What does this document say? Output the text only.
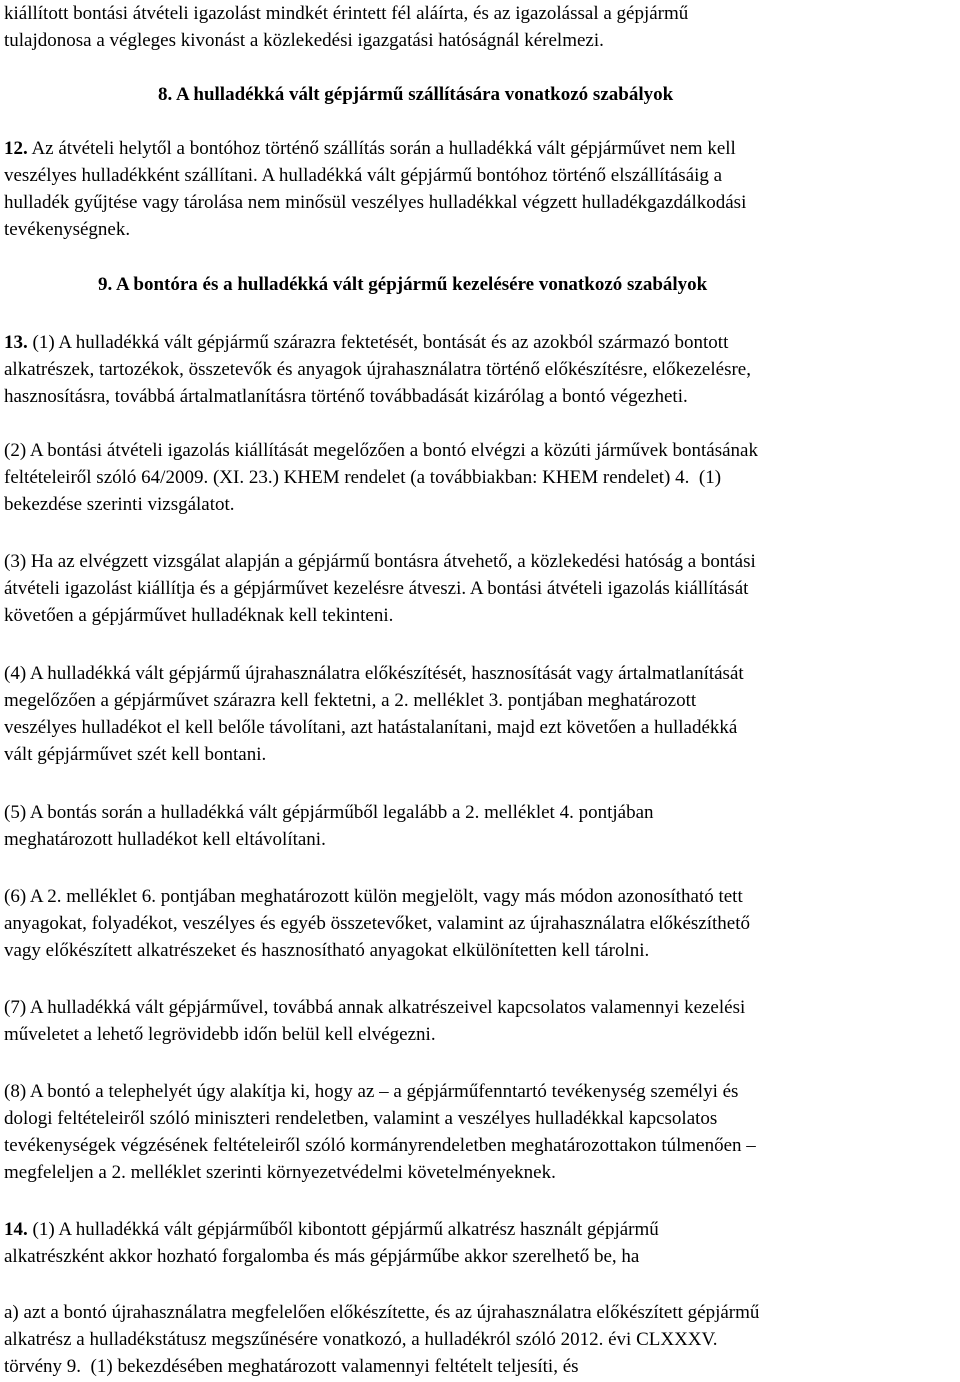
kiállított bontási átvételi igazolást mindkét érintett fél aláírta, és az igazolással a gépjármű
tulajdonosa a végleges kivonást a közlekedési igazgatási hatóságnál kérelmezi.
8. A hulladékká vált gépjármű szállítására vonatkozó szabályok
12. Az átvételi helytől a bontóhoz történő szállítás során a hulladékká vált gépjárművet nem kell
veszélyes hulladékként szállítani. A hulladékká vált gépjármű bontóhoz történő elszállításáig a
hulladék gyűjtése vagy tárolása nem minősül veszélyes hulladékkal végzett hulladékgazdálkodási
tevékenységnek.
9. A bontóra és a hulladékká vált gépjármű kezelésére vonatkozó szabályok
13. (1) A hulladékká vált gépjármű szárazra fektetését, bontását és az azokból származó bontott
alkatrészek, tartozékok, összetevők és anyagok újrahasználatra történő előkészítésre, előkezelésre,
hasznosításra, továbbá ártalmatlanításra történő továbbadását kizárólag a bontó végezheti.
(2) A bontási átvételi igazolás kiállítását megelőzően a bontó elvégzi a közúti járművek bontásának
feltételeiről szóló 64/2009. (XI. 23.) KHEM rendelet (a továbbiakban: KHEM rendelet) 4.  (1)
bekezdése szerinti vizsgálatot.
(3) Ha az elvégzett vizsgálat alapján a gépjármű bontásra átvehető, a közlekedési hatóság a bontási
átvételi igazolást kiállítja és a gépjárművet kezelésre átveszi. A bontási átvételi igazolás kiállítását
követően a gépjárművet hulladéknak kell tekinteni.
(4) A hulladékká vált gépjármű újrahasználatra előkészítését, hasznosítását vagy ártalmatlanítását
megelőzően a gépjárművet szárazra kell fektetni, a 2. melléklet 3. pontjában meghatározott
veszélyes hulladékot el kell belőle távolítani, azt hatástalanítani, majd ezt követően a hulladékká
vált gépjárművet szét kell bontani.
(5) A bontás során a hulladékká vált gépjárműből legalább a 2. melléklet 4. pontjában
meghatározott hulladékot kell eltávolítani.
(6) A 2. melléklet 6. pontjában meghatározott külön megjelölt, vagy más módon azonosítható tett
anyagokat, folyadékot, veszélyes és egyéb összetevőket, valamint az újrahasználatra előkészíthető
vagy előkészített alkatrészeket és hasznosítható anyagokat elkülönítetten kell tárolni.
(7) A hulladékká vált gépjárművel, továbbá annak alkatrészeivel kapcsolatos valamennyi kezelési
műveletet a lehető legrövidebb időn belül kell elvégezni.
(8) A bontó a telephelyét úgy alakítja ki, hogy az – a gépjárműfenntartó tevékenység személyi és
dologi feltételeiről szóló miniszteri rendeletben, valamint a veszélyes hulladékkal kapcsolatos
tevékenységek végzésének feltételeiről szóló kormányrendeletben meghatározottakon túlmenően –
megfeleljen a 2. melléklet szerinti környezetvédelmi követelményeknek.
14. (1) A hulladékká vált gépjárműből kibontott gépjármű alkatrész használt gépjármű
alkatrészként akkor hozható forgalomba és más gépjárműbe akkor szerelhető be, ha
a) azt a bontó újrahasználatra megfelelően előkészítette, és az újrahasználatra előkészített gépjármű
alkatrész a hulladékstátusz megszűnésére vonatkozó, a hulladékról szóló 2012. évi CLXXXV.
törvény 9.  (1) bekezdésében meghatározott valamennyi feltételt teljesíti, és
